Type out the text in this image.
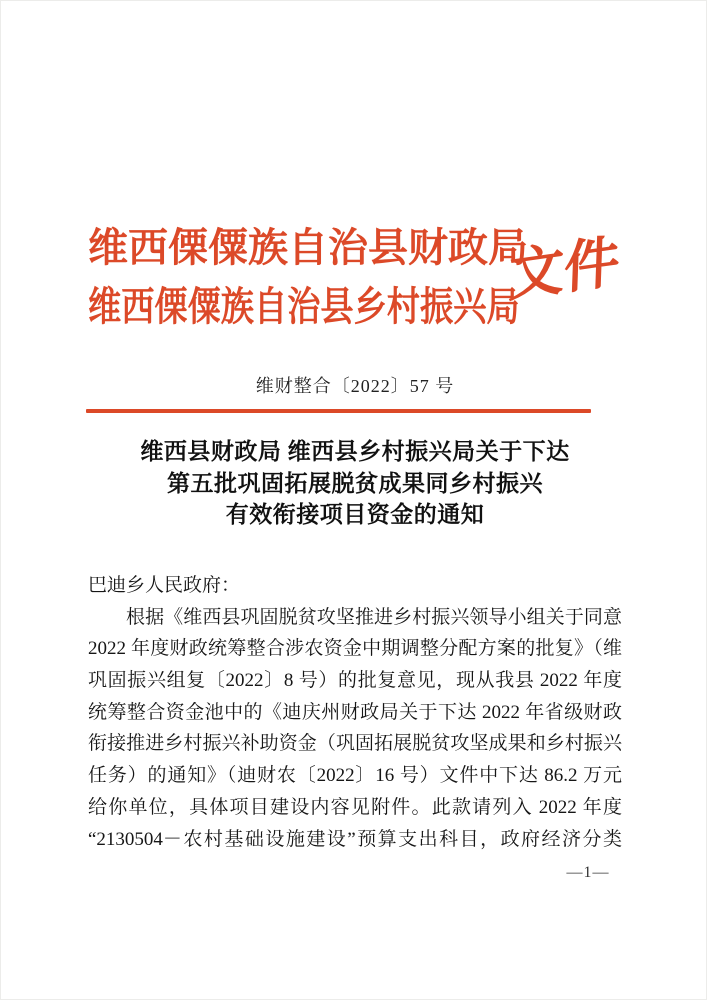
维西傈僳族自治县财政局
维西傈僳族自治县乡村振兴局
文件
维财整合〔2022〕57 号
维西县财政局 维西县乡村振兴局关于下达
第五批巩固拓展脱贫成果同乡村振兴
有效衔接项目资金的通知
巴迪乡人民政府：
根据《维西县巩固脱贫攻坚推进乡村振兴领导小组关于同意
2022 年度财政统筹整合涉农资金中期调整分配方案的批复》（维
巩固振兴组复〔2022〕8 号）的批复意见，现从我县 2022 年度
统筹整合资金池中的《迪庆州财政局关于下达 2022 年省级财政
衔接推进乡村振兴补助资金（巩固拓展脱贫攻坚成果和乡村振兴
任务）的通知》（迪财农〔2022〕16 号）文件中下达 86.2 万元
给你单位，具体项目建设内容见附件。此款请列入 2022 年度
“2130504－农村基础设施建设”预算支出科目，政府经济分类
—1—
